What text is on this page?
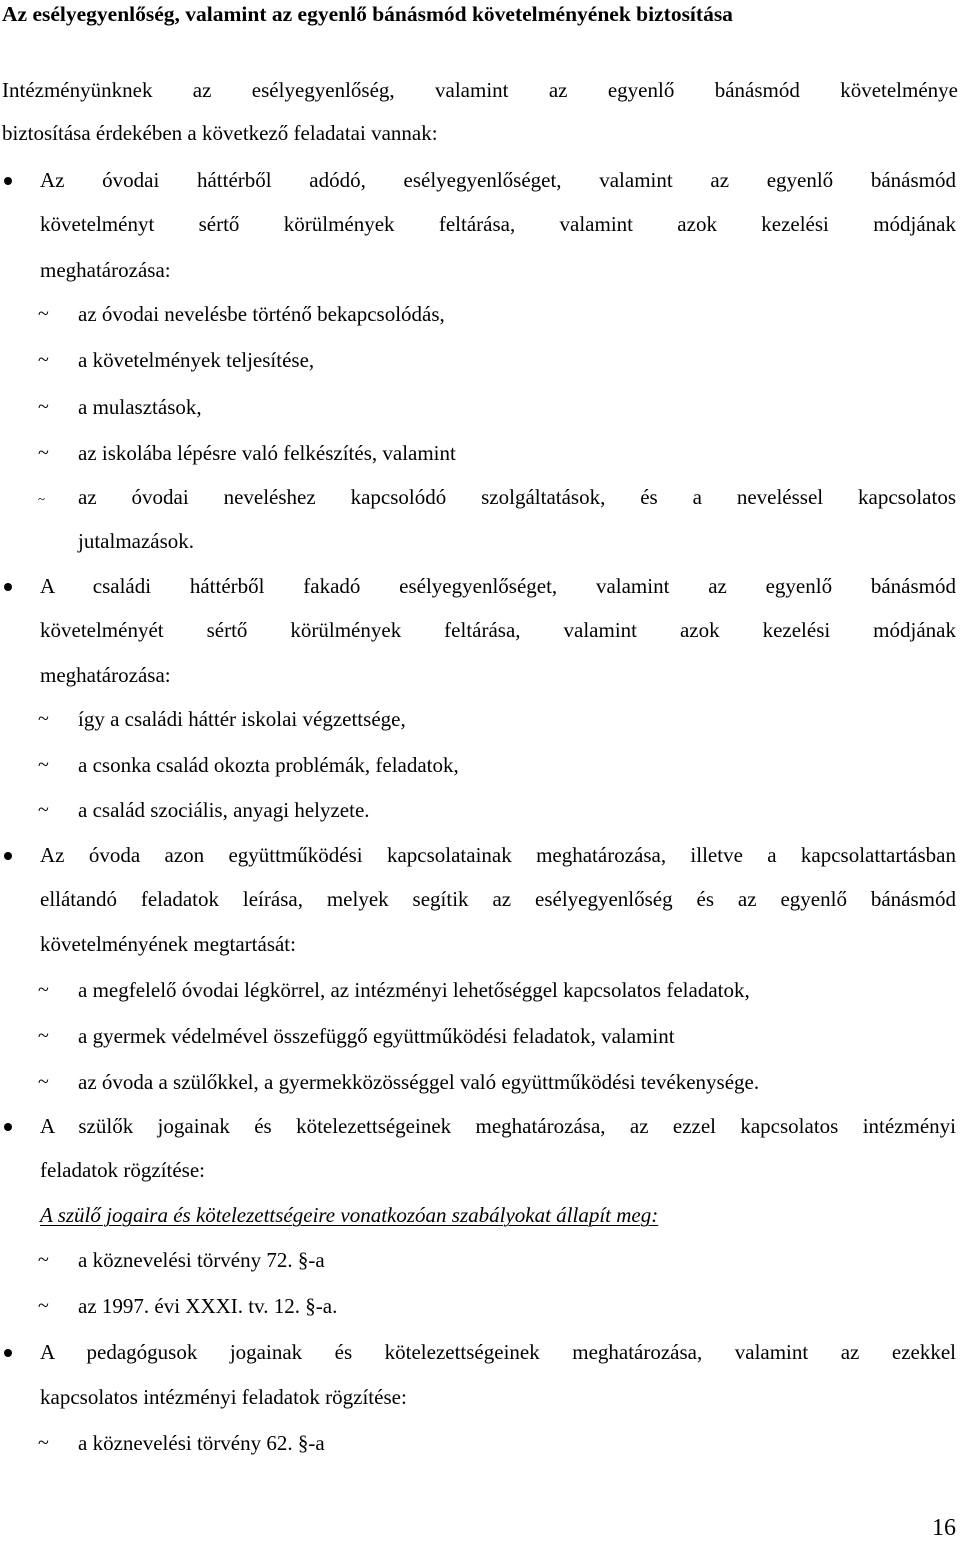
Az esélyegyenlőség, valamint az egyenlő bánásmód követelményének biztosítása
Intézményünknek az esélyegyenlőség, valamint az egyenlő bánásmód követelménye
biztosítása érdekében a következő feladatai vannak:
Az óvodai háttérből adódó, esélyegyenlőséget, valamint az egyenlő bánásmód
követelményt sértő körülmények feltárása, valamint azok kezelési módjának
meghatározása:
~ az óvodai nevelésbe történő bekapcsolódás,
~ a követelmények teljesítése,
~ a mulasztások,
~ az iskolába lépésre való felkészítés, valamint
~ az óvodai neveléshez kapcsolódó szolgáltatások, és a neveléssel kapcsolatos
jutalmazások.
A családi háttérből fakadó esélyegyenlőséget, valamint az egyenlő bánásmód
követelményét sértő körülmények feltárása, valamint azok kezelési módjának
meghatározása:
~ így a családi háttér iskolai végzettsége,
~ a csonka család okozta problémák, feladatok,
~ a család szociális, anyagi helyzete.
Az óvoda azon együttműködési kapcsolatainak meghatározása, illetve a kapcsolattartásban
ellátandó feladatok leírása, melyek segítik az esélyegyenlőség és az egyenlő bánásmód
követelményének megtartását:
~ a megfelelő óvodai légkörrel, az intézményi lehetőséggel kapcsolatos feladatok,
~ a gyermek védelmével összefüggő együttműködési feladatok, valamint
~ az óvoda a szülőkkel, a gyermekközösséggel való együttműködési tevékenysége.
A szülők jogainak és kötelezettségeinek meghatározása, az ezzel kapcsolatos intézményi
feladatok rögzítése:
A szülő jogaira és kötelezettségeire vonatkozóan szabályokat állapít meg:
~ a köznevelési törvény 72. §-a
~ az 1997. évi XXXI. tv. 12. §-a.
A pedagógusok jogainak és kötelezettségeinek meghatározása, valamint az ezekkel
kapcsolatos intézményi feladatok rögzítése:
~ a köznevelési törvény 62. §-a
16
